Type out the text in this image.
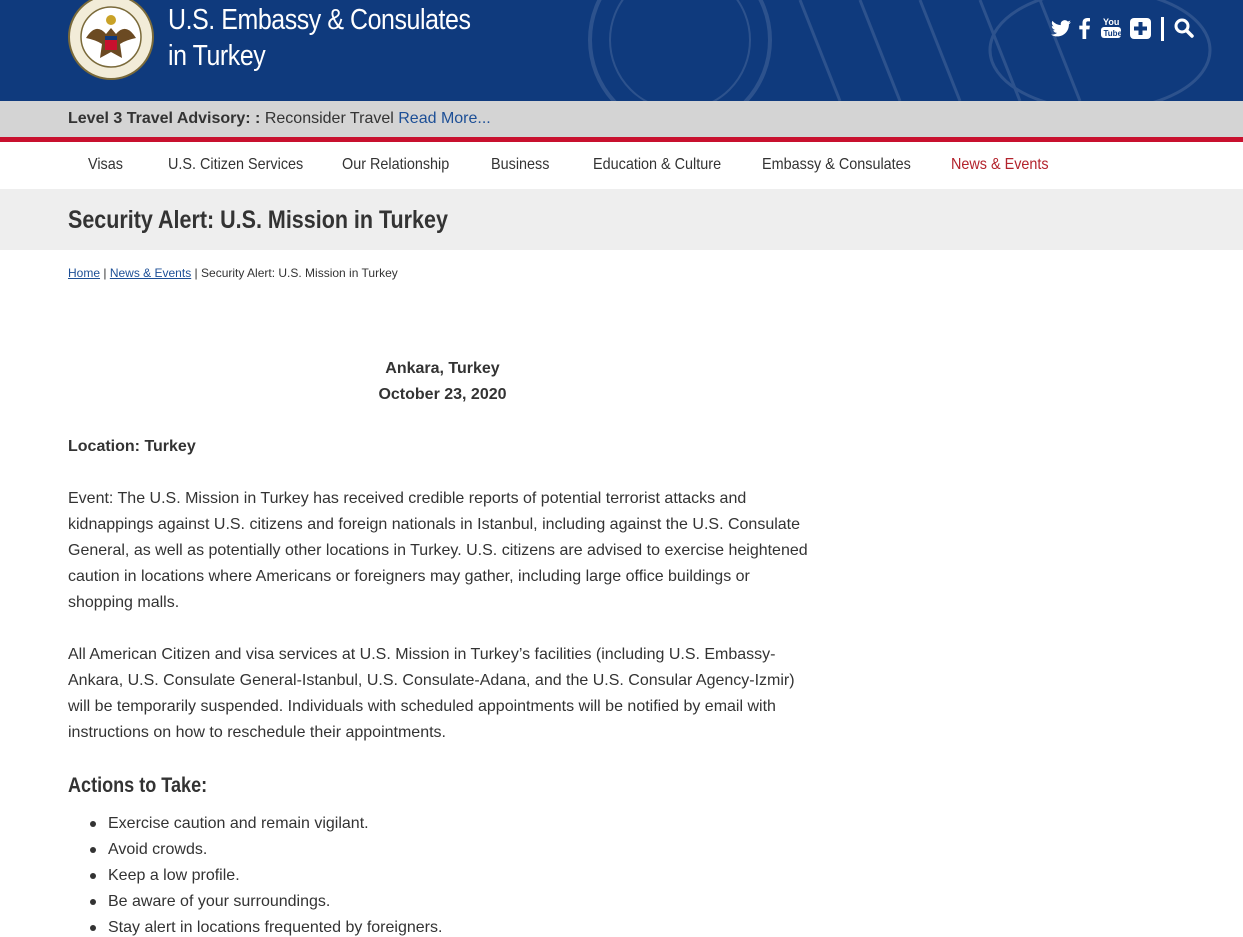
U.S. Embassy & Consulates
in Turkey
You
Tube
Level 3 Travel Advisory: : Reconsider Travel Read More...
Visas	U.S. Citizen Services Our Relationship	Business	Education & Culture	Embassy & Consulates	News & Events
Security Alert: U.S. Mission in Turkey
Home | News & Events | Security Alert: U.S. Mission in Turkey
Ankara, Turkey
October 23, 2020
Location: Turkey

Event: The U.S. Mission in Turkey has received credible reports of potential terrorist attacks and kidnappings against U.S. citizens and foreign nationals in Istanbul, including against the U.S. Consulate General, as well as potentially other locations in Turkey. U.S. citizens are advised to exercise heightened caution in locations where Americans or foreigners may gather, including large office buildings or shopping malls.

All American Citizen and visa services at U.S. Mission in Turkey’s facilities (including U.S. Embassy-Ankara, U.S. Consulate General-Istanbul, U.S. Consulate-Adana, and the U.S. Consular Agency-Izmir) will be temporarily suspended. Individuals with scheduled appointments will be notified by email with instructions on how to reschedule their appointments.

Actions to Take:
Exercise caution and remain vigilant.
Avoid crowds.
Keep a low profile.
Be aware of your surroundings.
Stay alert in locations frequented by foreigners.
